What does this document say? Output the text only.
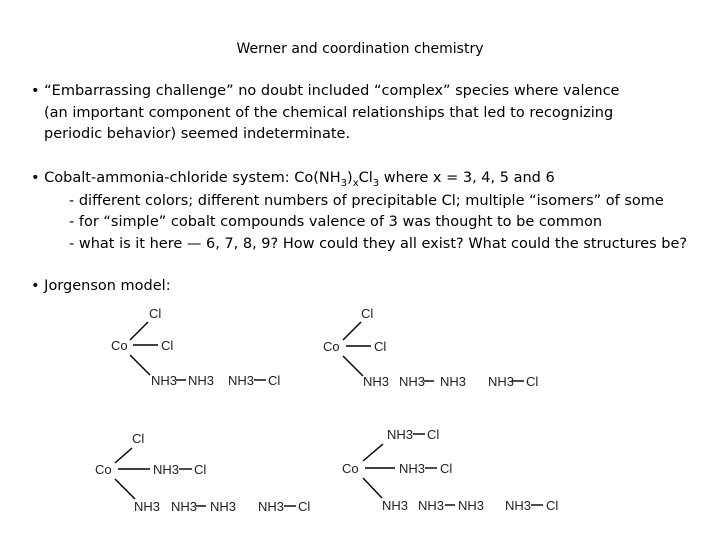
Werner and coordination chemistry
• “Embarrassing challenge” no doubt included “complex” species where valence
(an important component of the chemical relationships that led to recognizing
periodic behavior) seemed indeterminate.
• Cobalt-ammonia-chloride system: $Co(NH_3)_xCl_3$ where x = 3, 4, 5 and 6
- different colors; different numbers of precipitable Cl; multiple “isomers” of some
- for “simple” cobalt compounds valence of 3 was thought to be common
- what is it here — 6, 7, 8, 9? How could they all exist? What could the structures be?
• Jorgenson model:
Cl
Co	Cl
NH3 NH3 NH3 Cl
Cl
Co	Cl
NH3 NH3 NH3 NH3 Cl
Cl
Co	NH3 Cl
NH3 NH3 NH3 NH3 Cl
NH3 Cl
Co	NH3 Cl
NH3 NH3 NH3 NH3 Cl
